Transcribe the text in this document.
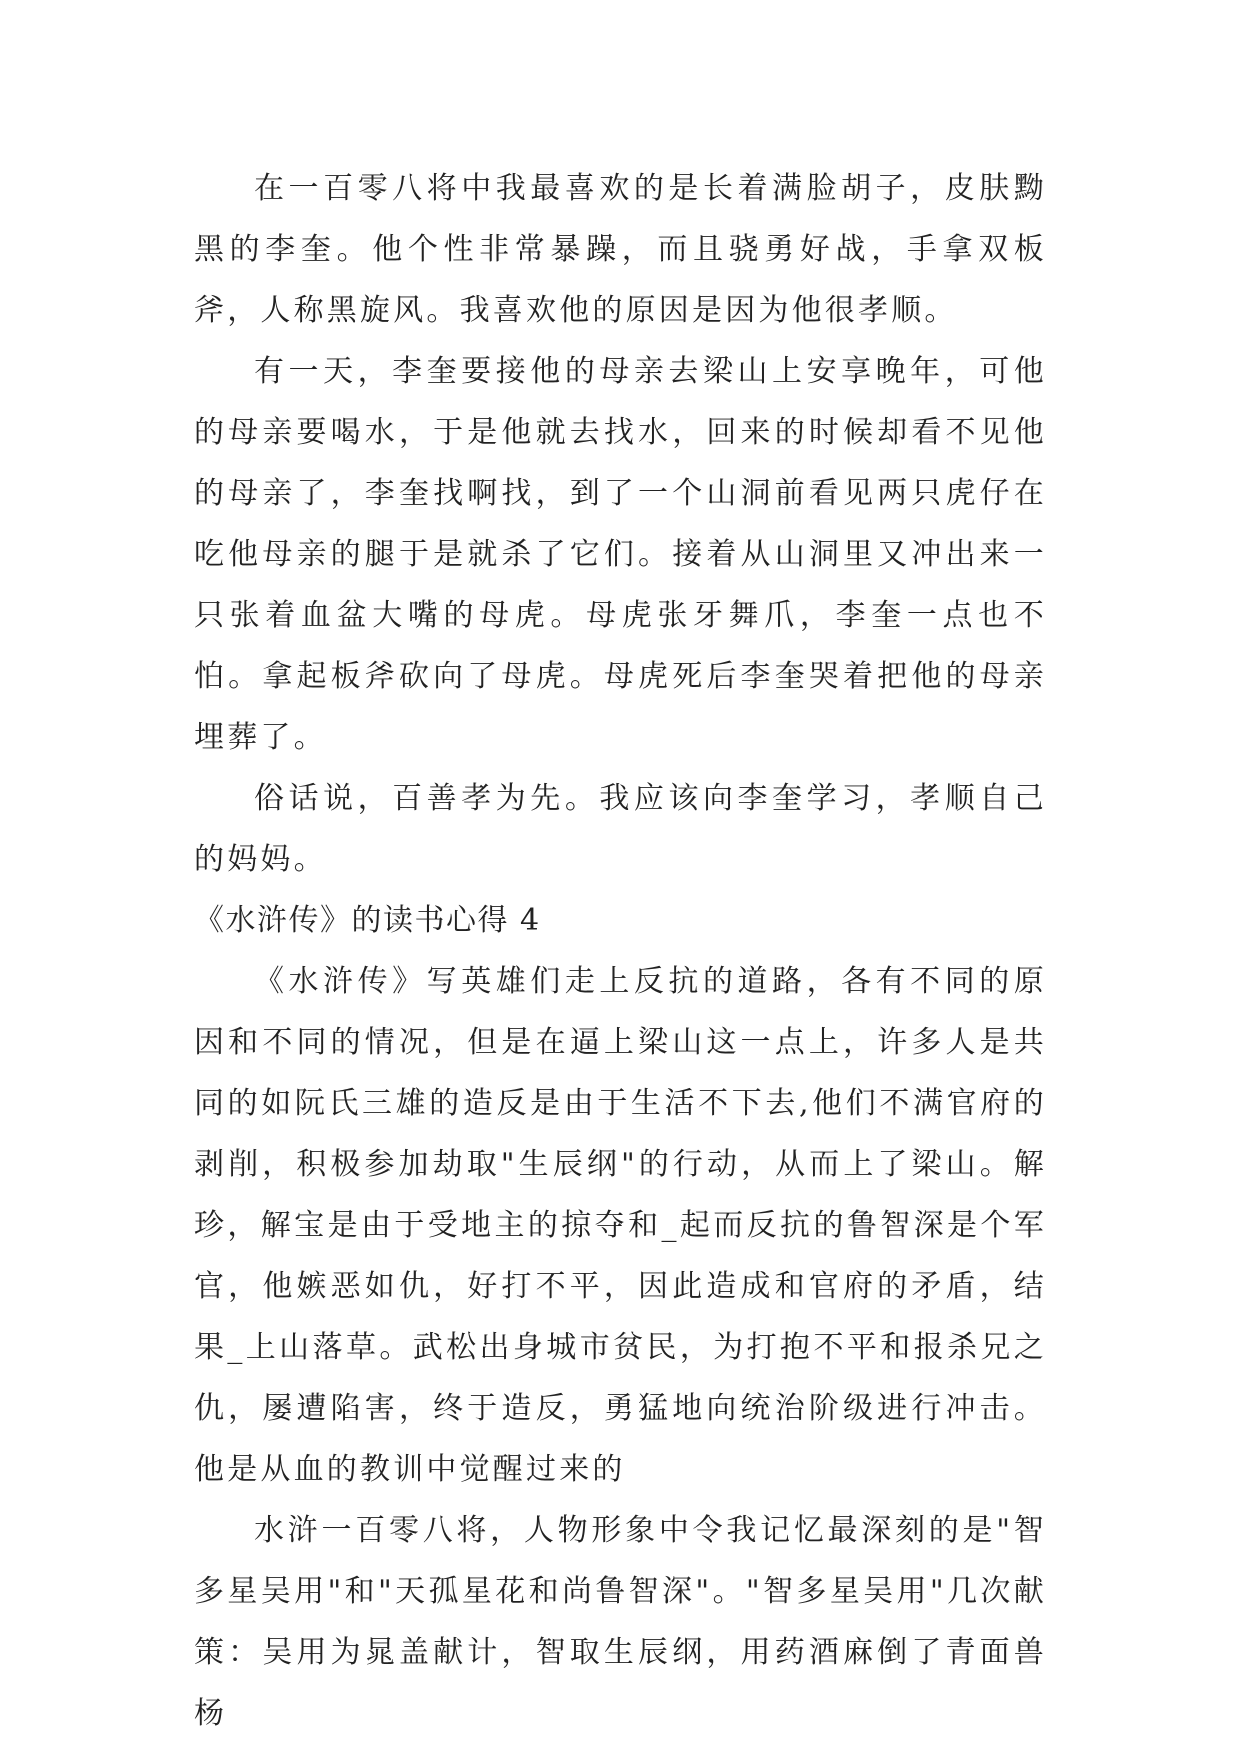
在一百零八将中我最喜欢的是长着满脸胡子，皮肤黝黑的李奎。他个性非常暴躁，而且骁勇好战，手拿双板斧，人称黑旋风。我喜欢他的原因是因为他很孝顺。

有一天，李奎要接他的母亲去梁山上安享晚年，可他的母亲要喝水，于是他就去找水，回来的时候却看不见他的母亲了，李奎找啊找，到了一个山洞前看见两只虎仔在吃他母亲的腿于是就杀了它们。接着从山洞里又冲出来一只张着血盆大嘴的母虎。母虎张牙舞爪，李奎一点也不怕。拿起板斧砍向了母虎。母虎死后李奎哭着把他的母亲埋葬了。

俗话说，百善孝为先。我应该向李奎学习，孝顺自己的妈妈。

《水浒传》的读书心得 4

《水浒传》写英雄们走上反抗的道路，各有不同的原因和不同的情况，但是在逼上梁山这一点上，许多人是共同的如阮氏三雄的造反是由于生活不下去,他们不满官府的剥削，积极参加劫取"生辰纲"的行动，从而上了梁山。解珍，解宝是由于受地主的掠夺和_起而反抗的鲁智深是个军官，他嫉恶如仇，好打不平，因此造成和官府的矛盾，结果_上山落草。武松出身城市贫民，为打抱不平和报杀兄之仇，屡遭陷害，终于造反，勇猛地向统治阶级进行冲击。他是从血的教训中觉醒过来的

水浒一百零八将，人物形象中令我记忆最深刻的是"智多星吴用"和"天孤星花和尚鲁智深"。"智多星吴用"几次献策：吴用为晁盖献计，智取生辰纲，用药酒麻倒了青面兽杨
